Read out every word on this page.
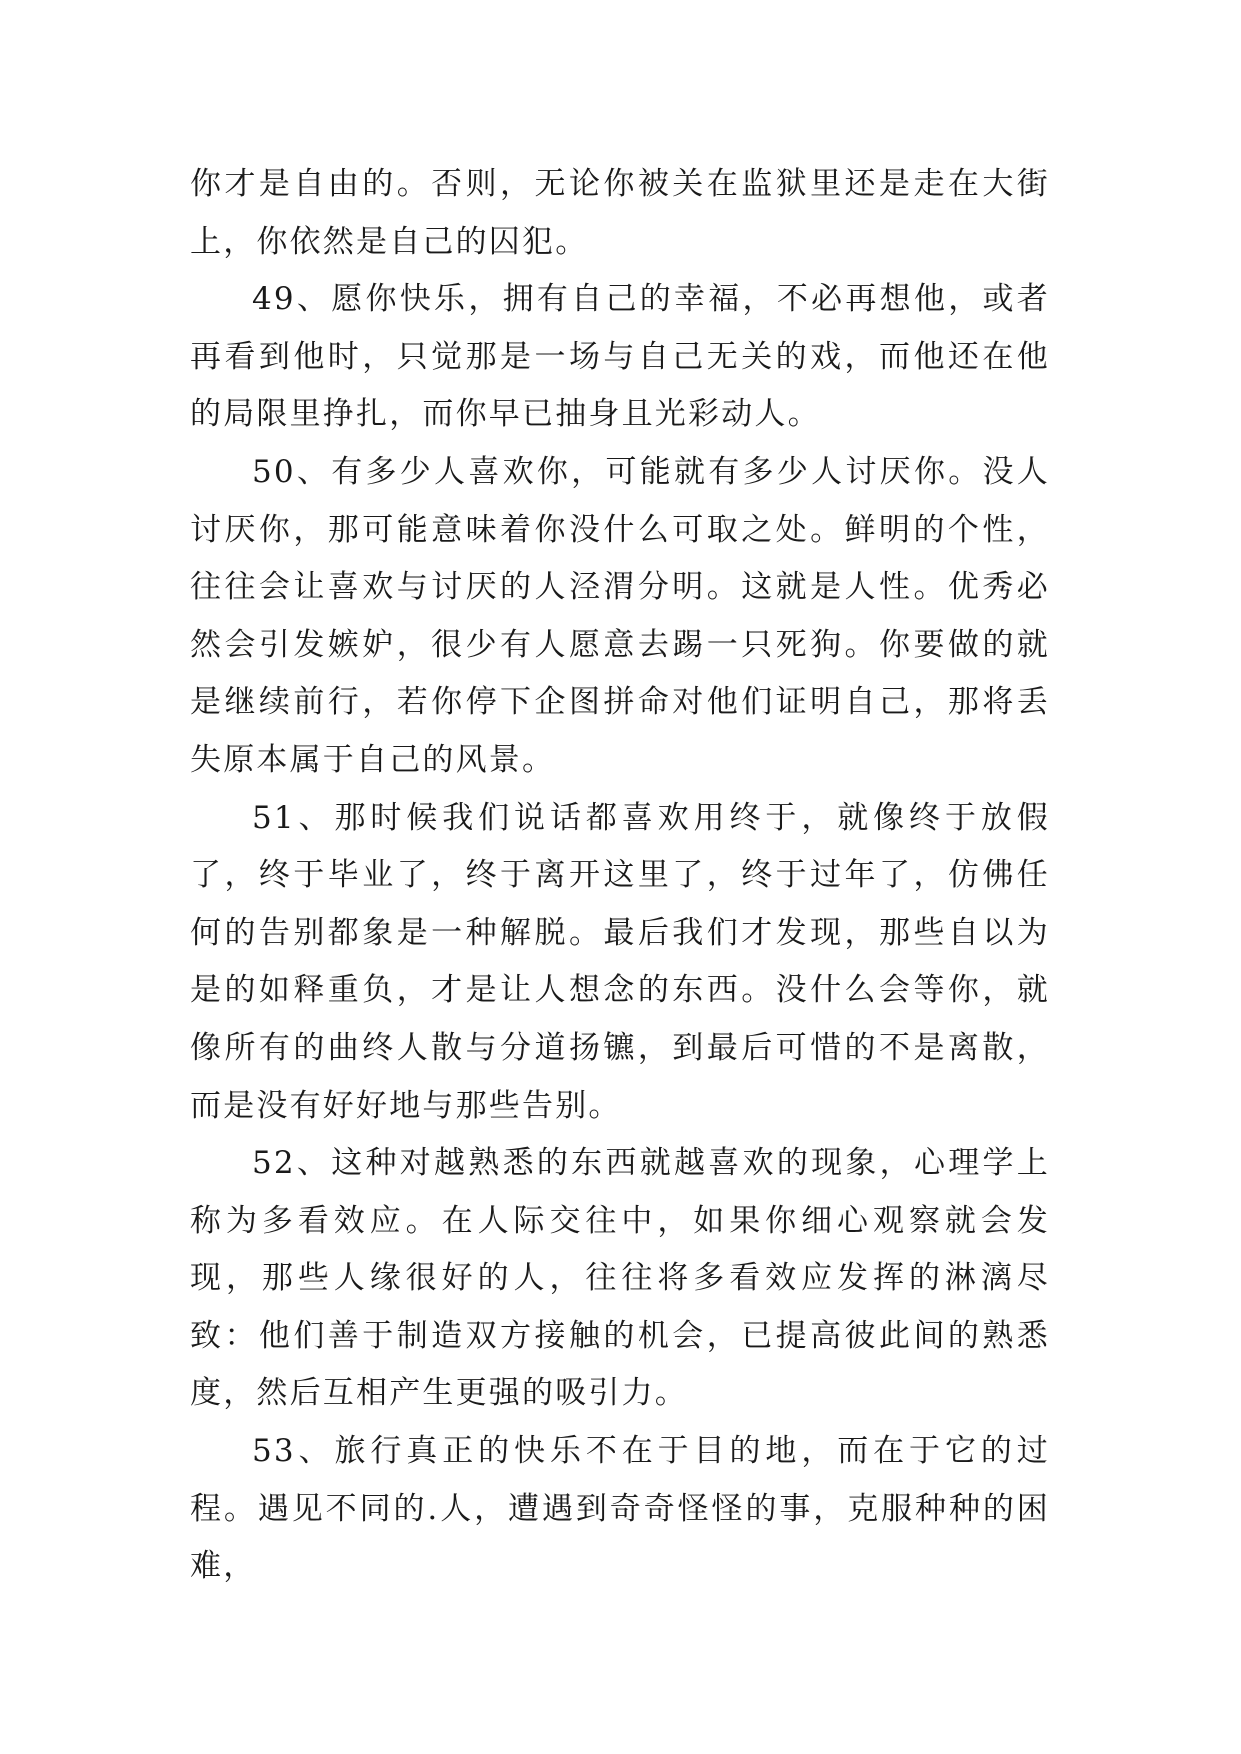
你才是自由的。否则，无论你被关在监狱里还是走在大街上，你依然是自己的囚犯。

49、愿你快乐，拥有自己的幸福，不必再想他，或者再看到他时，只觉那是一场与自己无关的戏，而他还在他的局限里挣扎，而你早已抽身且光彩动人。

50、有多少人喜欢你，可能就有多少人讨厌你。没人讨厌你，那可能意味着你没什么可取之处。鲜明的个性，往往会让喜欢与讨厌的人泾渭分明。这就是人性。优秀必然会引发嫉妒，很少有人愿意去踢一只死狗。你要做的就是继续前行，若你停下企图拼命对他们证明自己，那将丢失原本属于自己的风景。

51、那时候我们说话都喜欢用终于，就像终于放假了，终于毕业了，终于离开这里了，终于过年了，仿佛任何的告别都象是一种解脱。最后我们才发现，那些自以为是的如释重负，才是让人想念的东西。没什么会等你，就像所有的曲终人散与分道扬镳，到最后可惜的不是离散，而是没有好好地与那些告别。

52、这种对越熟悉的东西就越喜欢的现象，心理学上称为多看效应。在人际交往中，如果你细心观察就会发现，那些人缘很好的人，往往将多看效应发挥的淋漓尽致：他们善于制造双方接触的机会，已提高彼此间的熟悉度，然后互相产生更强的吸引力。

53、旅行真正的快乐不在于目的地，而在于它的过程。遇见不同的.人，遭遇到奇奇怪怪的事，克服种种的困难，
